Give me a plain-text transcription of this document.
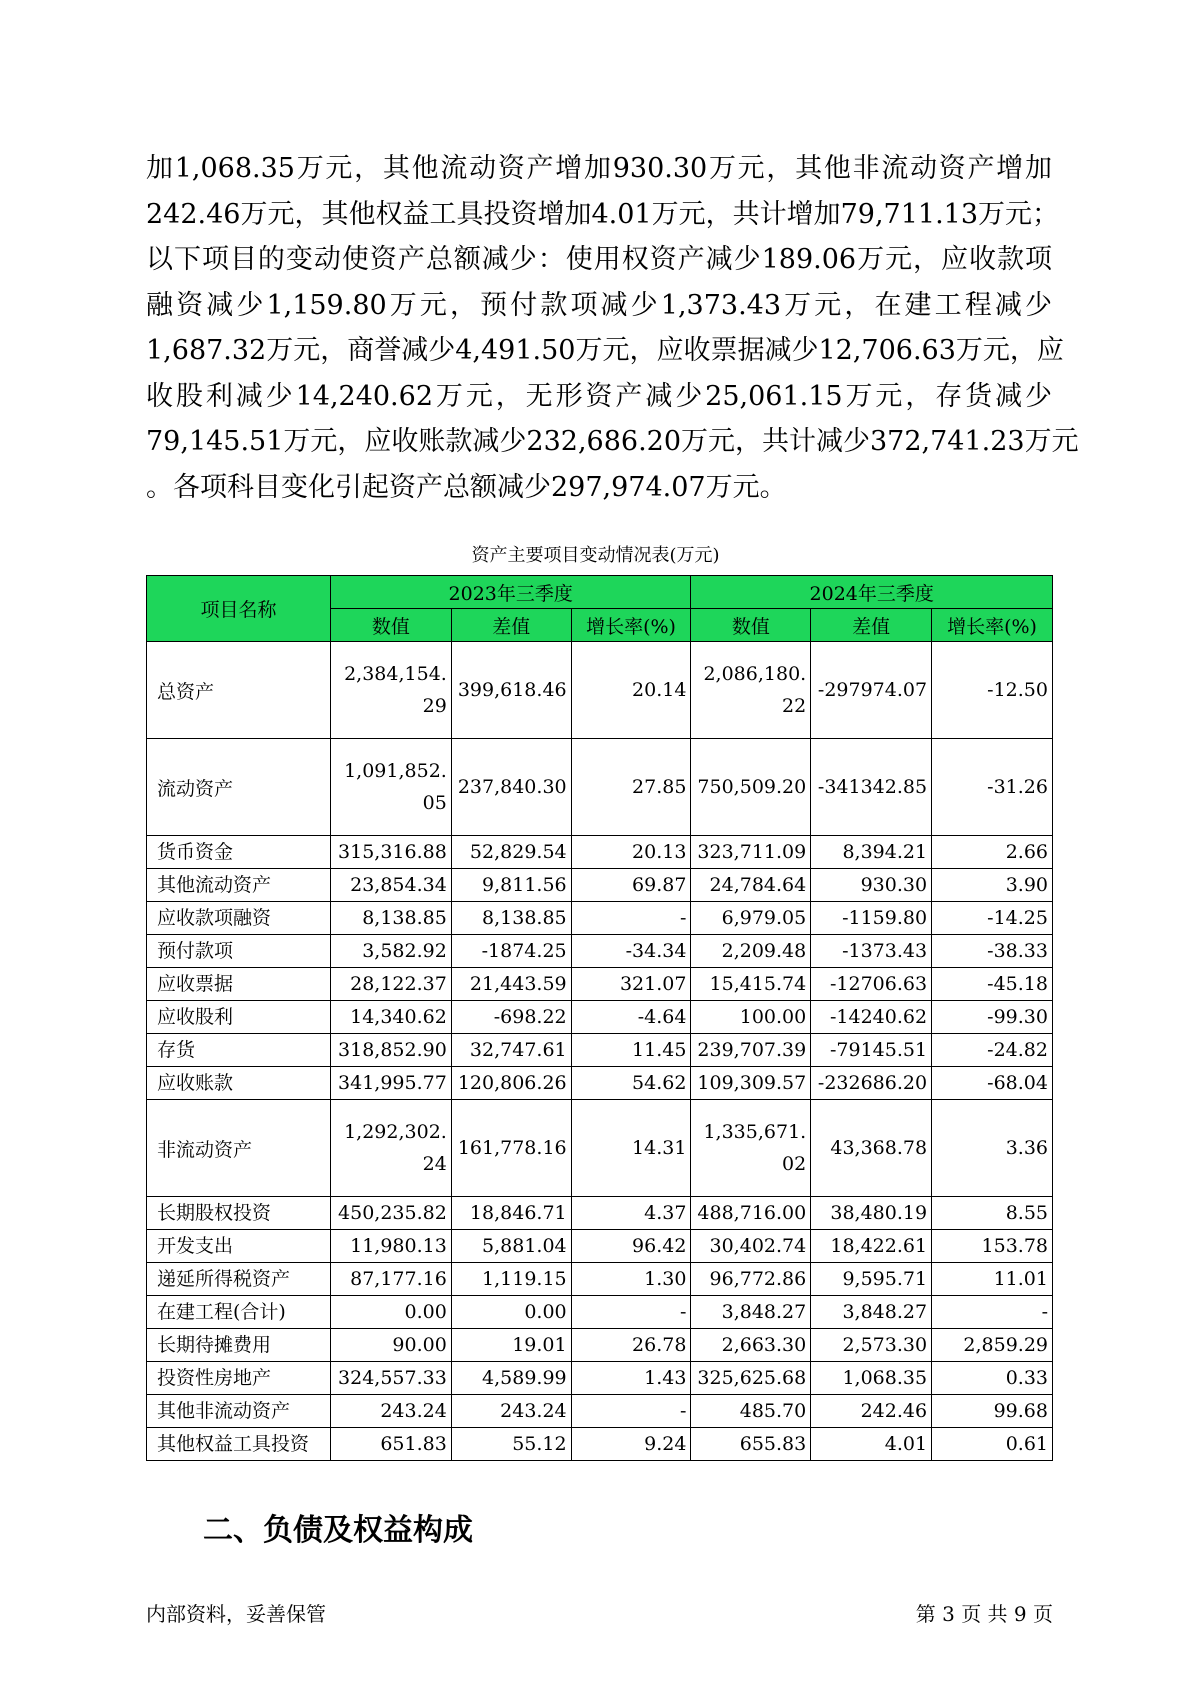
加1,068.35万元，其他流动资产增加930.30万元，其他非流动资产增加
242.46万元，其他权益工具投资增加4.01万元，共计增加79,711.13万元；
以下项目的变动使资产总额减少：使用权资产减少189.06万元，应收款项
融资减少1,159.80万元，预付款项减少1,373.43万元，在建工程减少
1,687.32万元，商誉减少4,491.50万元，应收票据减少12,706.63万元，应
收股利减少14,240.62万元，无形资产减少25,061.15万元，存货减少
79,145.51万元，应收账款减少232,686.20万元，共计减少372,741.23万元
。各项科目变化引起资产总额减少297,974.07万元。
资产主要项目变动情况表(万元)
项目名称	2023年三季度			2024年三季度		
	数值	差值	增长率(%)	数值	差值	增长率(%)
总资产	2,384,154.29	399,618.46	20.14	2,086,180.22	-297974.07	-12.50
流动资产	1,091,852.05	237,840.30	27.85	750,509.20	-341342.85	-31.26
货币资金	315,316.88	52,829.54	20.13	323,711.09	8,394.21	2.66
其他流动资产	23,854.34	9,811.56	69.87	24,784.64	930.30	3.90
应收款项融资	8,138.85	8,138.85	-	6,979.05	-1159.80	-14.25
预付款项	3,582.92	-1874.25	-34.34	2,209.48	-1373.43	-38.33
应收票据	28,122.37	21,443.59	321.07	15,415.74	-12706.63	-45.18
应收股利	14,340.62	-698.22	-4.64	100.00	-14240.62	-99.30
存货	318,852.90	32,747.61	11.45	239,707.39	-79145.51	-24.82
应收账款	341,995.77	120,806.26	54.62	109,309.57	-232686.20	-68.04
非流动资产	1,292,302.24	161,778.16	14.31	1,335,671.02	43,368.78	3.36
长期股权投资	450,235.82	18,846.71	4.37	488,716.00	38,480.19	8.55
开发支出	11,980.13	5,881.04	96.42	30,402.74	18,422.61	153.78
递延所得税资产	87,177.16	1,119.15	1.30	96,772.86	9,595.71	11.01
在建工程(合计)	0.00	0.00	-	3,848.27	3,848.27	-
长期待摊费用	90.00	19.01	26.78	2,663.30	2,573.30	2,859.29
投资性房地产	324,557.33	4,589.99	1.43	325,625.68	1,068.35	0.33
其他非流动资产	243.24	243.24	-	485.70	242.46	99.68
其他权益工具投资	651.83	55.12	9.24	655.83	4.01	0.61
二、负债及权益构成
内部资料，妥善保管	第 3 页 共 9 页
